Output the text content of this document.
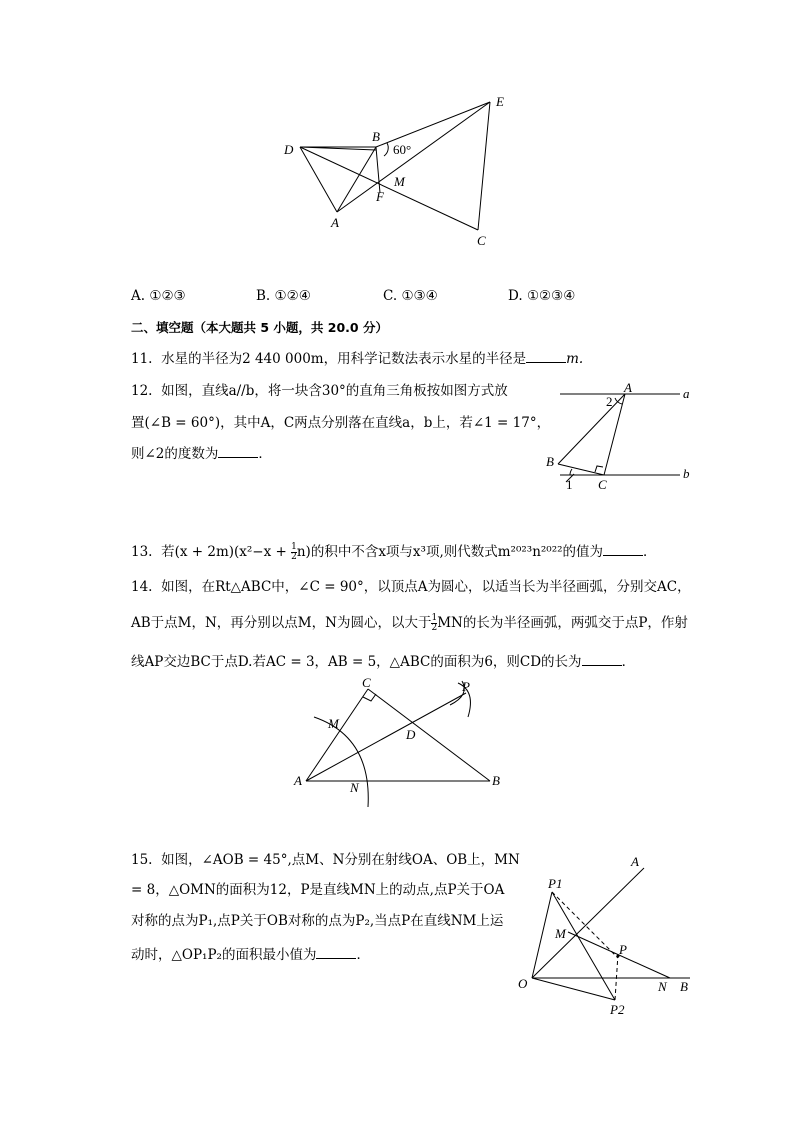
D
B
E
60°
M
F
A
C
A. ①②③	B. ①②④	C. ①③④	D. ①②③④
二、填空题（本大题共 5 小题，共 20.0 分）
11. 水星的半径为2 440 000m，用科学记数法表示水星的半径是	m.
12. 如图，直线a//b，将一块含30°的直角三角板按如图方式放
置(∠B = 60°)，其中A，C两点分别落在直线a，b上，若∠1 = 17°，
则∠2的度数为	．
A	a
2
B
1 C
b
13. 若$(x + 2m)(x^2-x + \frac{1}{2} n)$的积中不含x项与x³项,则代数式m²⁰²³n²⁰²²的值为	．
14. 如图，在Rt△ABC中，∠C = 90°，以顶点A为圆心，以适当长为半径画弧，分别交AC，
AB于点M，N，再分别以点M，N为圆心，以大于 $\frac{1}{2}$ MN的长为半径画弧，两弧交于点P，作射
线AP交边BC于点D.若AC = 3，AB = 5，△ABC的面积为6，则CD的长为	．
C	P
M
D
A	N	B
15. 如图，∠AOB = 45°,点M、N分别在射线OA、OB上，MN
= 8，△OMN的面积为12，P是直线MN上的动点,点P关于OA
对称的点为P₁,点P关于OB对称的点为P₂,当点P在直线NM上运
动时，△OP₁P₂的面积最小值为	．
A
P1
M
P
O	N B
P2
